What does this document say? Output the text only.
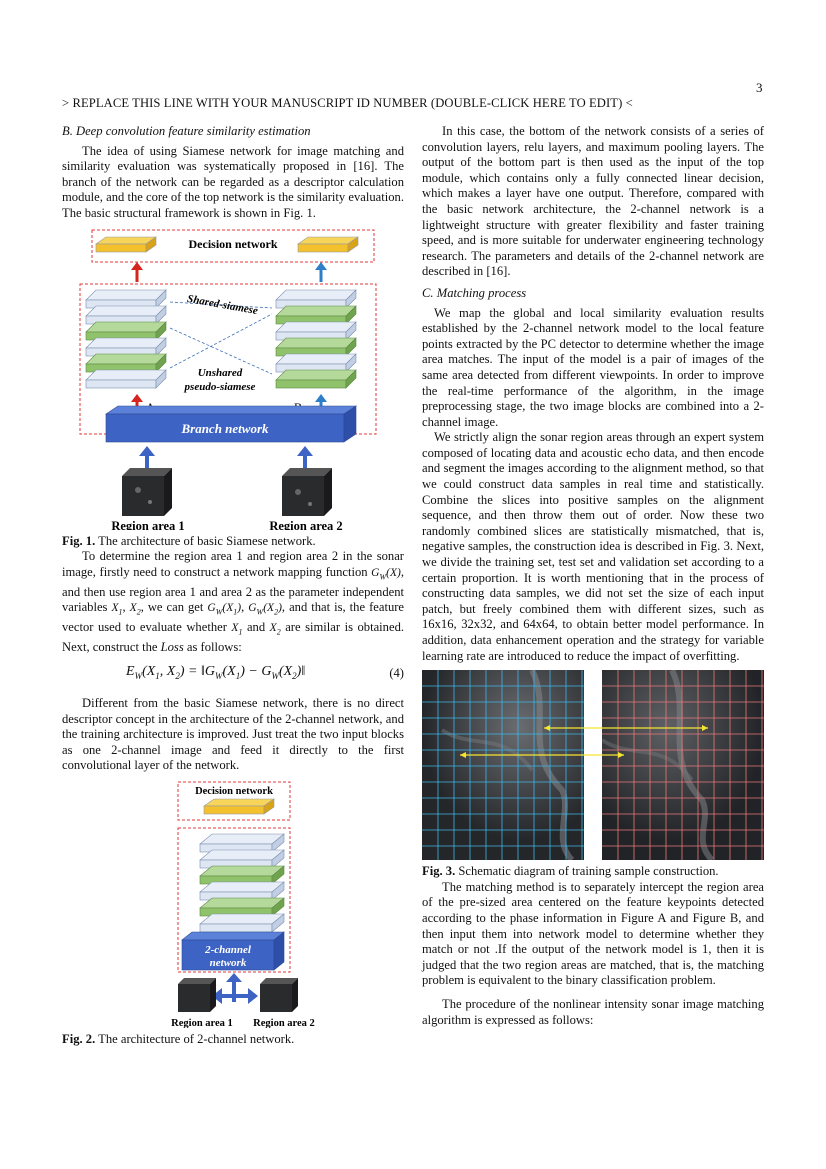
3
> REPLACE THIS LINE WITH YOUR MANUSCRIPT ID NUMBER (DOUBLE-CLICK HERE TO EDIT) <
B. Deep convolution feature similarity estimation

The idea of using Siamese network for image matching and similarity evaluation was systematically proposed in [16]. The branch of the network can be regarded as a descriptor calculation module, and the core of the top network is the similarity evaluation. The basic structural framework is shown in Fig. 1.

Decision network
Shared-siamese
Unshared
pseudo-siamese
Branch network
Region area 1	Region area 2

Fig. 1. The architecture of basic Siamese network.

To determine the region area 1 and region area 2 in the sonar image, firstly need to construct a network mapping function $G_W(X)$, and then use region area 1 and area 2 as the parameter independent variables $X_1$, $X_2$, we can get $G_W(X_1)$, $G_W(X_2)$, and that is, the feature vector used to evaluate whether $X_1$ and $X_2$ are similar is obtained. Next, construct the Loss as follows:

$E_W(X_1$, $X_2$) = $‖G_W(X_1)$ − $G_W(X_2)‖$	(4)

Different from the basic Siamese network, there is no direct descriptor concept in the architecture of the 2-channel network, and the training architecture is improved. Just treat the two input blocks as one 2-channel image and feed it directly to the first convolutional layer of the network.

Decision network
2-channel
network
Region area 1 Region area 2

Fig. 2. The architecture of 2-channel network.

In this case, the bottom of the network consists of a series of convolution layers, relu layers, and maximum pooling layers. The output of the bottom part is then used as the input of the top module, which contains only a fully connected linear decision, which makes a layer have one output. Therefore, compared with the basic network architecture, the 2-channel network is a lightweight structure with greater flexibility and faster training speed, and is more suitable for underwater engineering technology research. The parameters and details of the 2-channel network are described in [16].

C. Matching process

We map the global and local similarity evaluation results established by the 2-channel network model to the local feature points extracted by the PC detector to determine whether the image area matches. The input of the model is a pair of images of the same area detected from different viewpoints. In order to improve the real-time performance of the algorithm, in the image preprocessing stage, the two image blocks are combined into a 2-channel image.

We strictly align the sonar region areas through an expert system composed of locating data and acoustic echo data, and then encode and segment the images according to the alignment method, so that we could construct data samples in real time and statistically. Combine the slices into positive samples on the alignment sequence, and then throw them out of order. Now these two randomly combined slices are statistically mismatched, that is, negative samples, the construction idea is described in Fig. 3. Next, we divide the training set, test set and validation set according to a certain proportion. It is worth mentioning that in the process of constructing data samples, we did not set the size of each input patch, but freely combined them with different sizes, such as 16x16, 32x32, and 64x64, to obtain better model performance. In addition, data enhancement operation and the strategy for variable learning rate are introduced to reduce the impact of overfitting.

Fig. 3. Schematic diagram of training sample construction.

The matching method is to separately intercept the region area of the pre-sized area centered on the feature keypoints detected according to the phase information in Figure A and Figure B, and then input them into network model to determine whether they match or not .If the output of the network model is 1, then it is judged that the two region areas are matched, that is, the matching problem is equivalent to the binary classification problem.

The procedure of the nonlinear intensity sonar image matching algorithm is expressed as follows:
